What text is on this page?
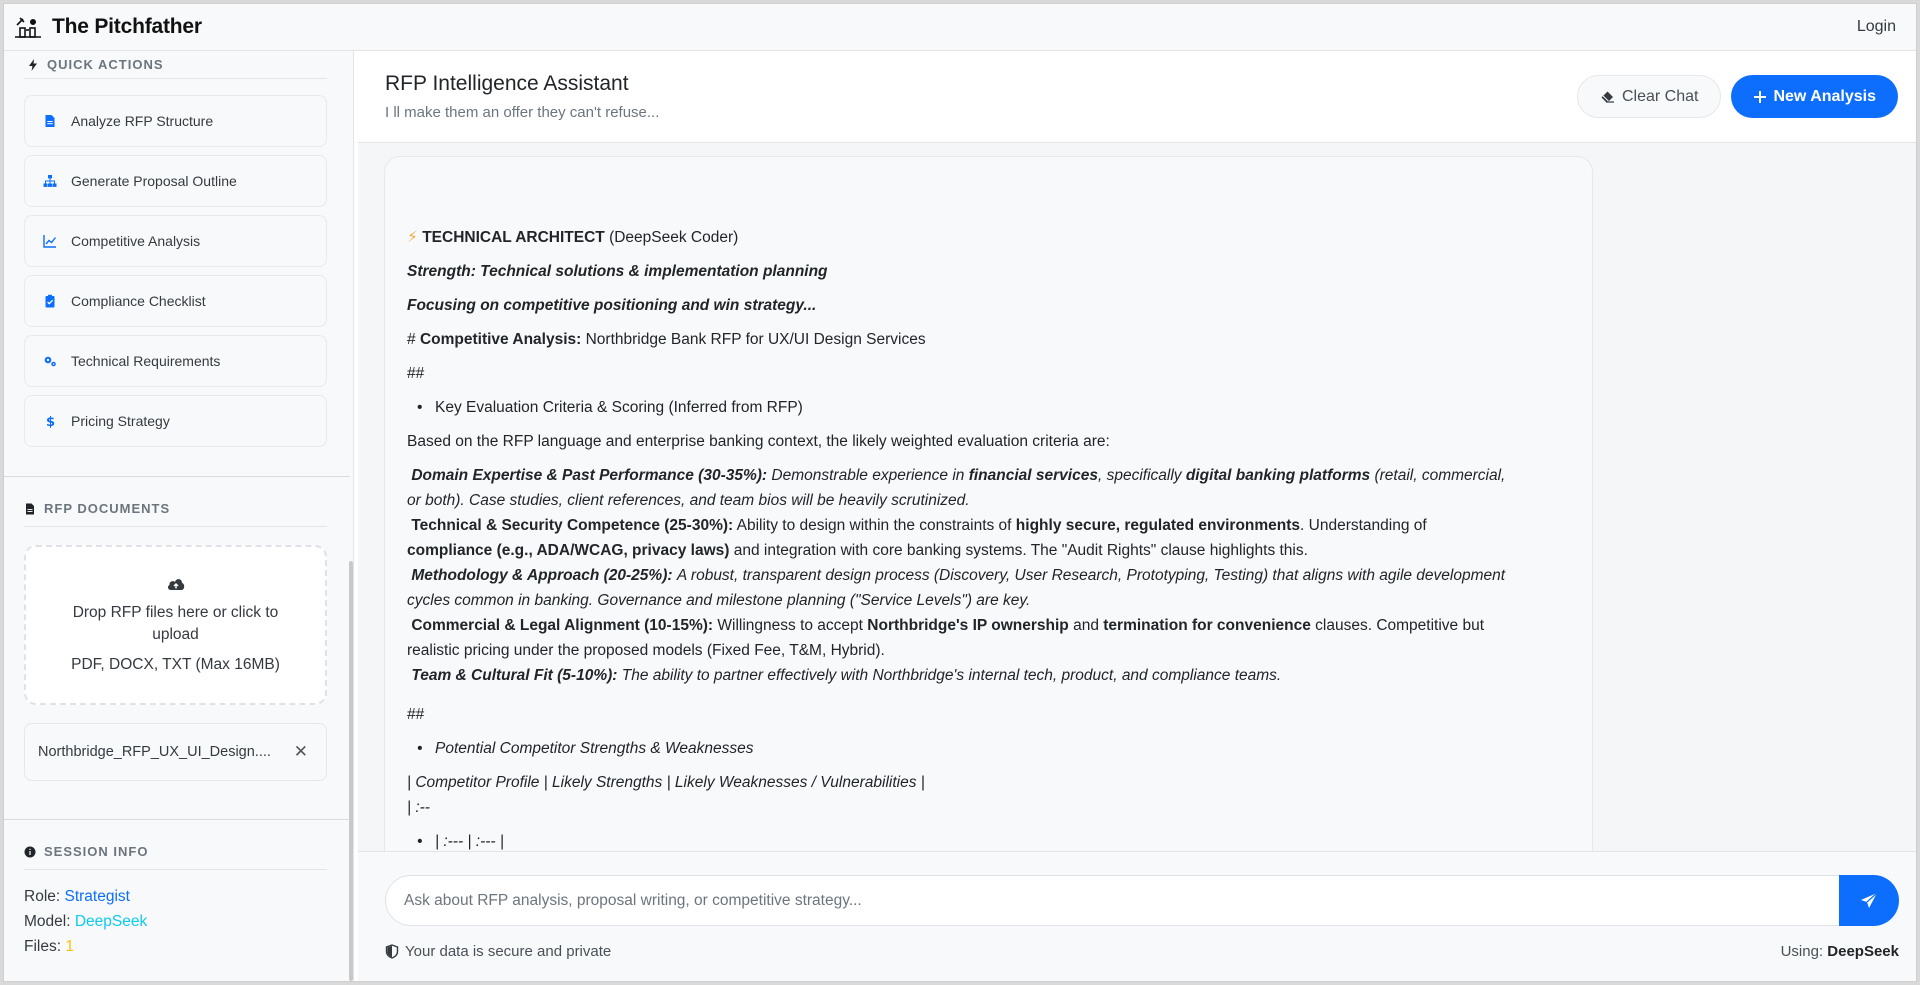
The Pitchfather	Login
QUICK ACTIONS
Analyze RFP Structure
Generate Proposal Outline
Competitive Analysis
Compliance Checklist
Technical Requirements
$ Pricing Strategy
RFP DOCUMENTS
Drop RFP files here or click to upload
PDF, DOCX, TXT (Max 16MB)
Northbridge_RFP_UX_UI_Design.... ✕
SESSION INFO
Role: Strategist
Model: DeepSeek
Files: 1
RFP Intelligence Assistant
I ll make them an offer they can't refuse...
Clear Chat	New Analysis

⚡ TECHNICAL ARCHITECT (DeepSeek Coder)

Strength: Technical solutions & implementation planning

Focusing on competitive positioning and win strategy...

# Competitive Analysis: Northbridge Bank RFP for UX/UI Design Services

##

• Key Evaluation Criteria & Scoring (Inferred from RFP)

Based on the RFP language and enterprise banking context, the likely weighted evaluation criteria are:

Domain Expertise & Past Performance (30-35%): Demonstrable experience in financial services, specifically digital banking platforms (retail, commercial,

or both). Case studies, client references, and team bios will be heavily scrutinized.

Technical & Security Competence (25-30%): Ability to design within the constraints of highly secure, regulated environments. Understanding of

compliance (e.g., ADA/WCAG, privacy laws) and integration with core banking systems. The "Audit Rights" clause highlights this.

Methodology & Approach (20-25%): A robust, transparent design process (Discovery, User Research, Prototyping, Testing) that aligns with agile development

cycles common in banking. Governance and milestone planning ("Service Levels") are key.

Commercial & Legal Alignment (10-15%): Willingness to accept Northbridge's IP ownership and termination for convenience clauses. Competitive but

realistic pricing under the proposed models (Fixed Fee, T&M, Hybrid).

Team & Cultural Fit (5-10%): The ability to partner effectively with Northbridge's internal tech, product, and compliance teams.

##

• Potential Competitor Strengths & Weaknesses

| Competitor Profile | Likely Strengths | Likely Weaknesses / Vulnerabilities |

| :--

• | :--- | :--- |

Ask about RFP analysis, proposal writing, or competitive strategy...
Your data is secure and private	Using: DeepSeek
